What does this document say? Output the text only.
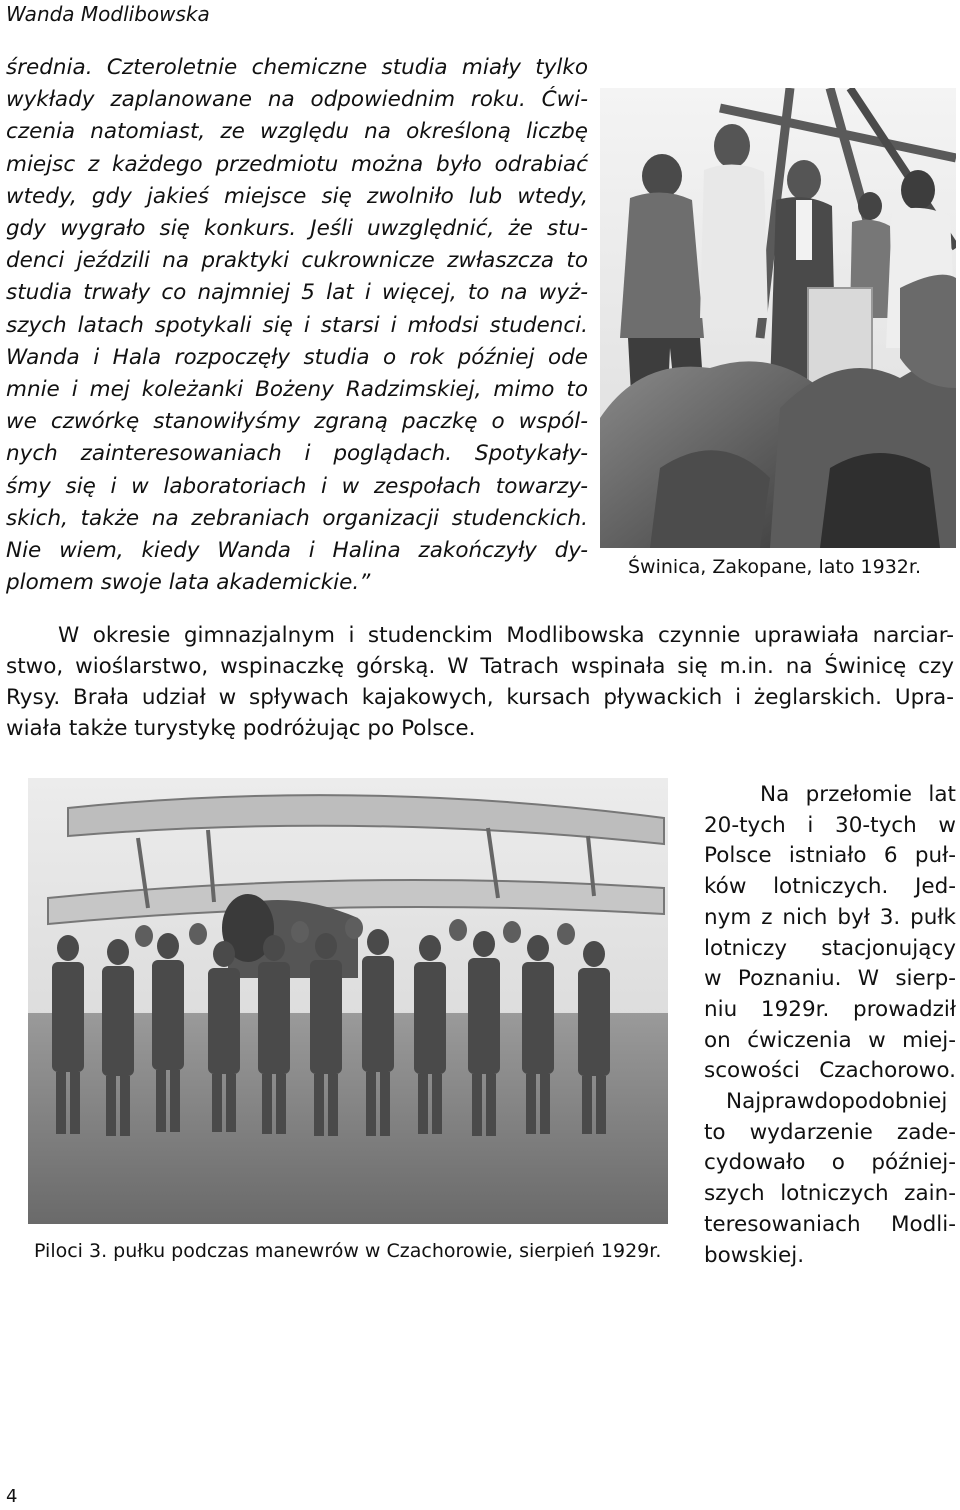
Wanda Modlibowska
średnia. Czteroletnie chemiczne studia miały tylko
wykłady zaplanowane na odpowiednim roku. Ćwi-
czenia natomiast, ze względu na określoną liczbę
miejsc z każdego przedmiotu można było odrabiać
wtedy, gdy jakieś miejsce się zwolniło lub wtedy,
gdy wygrało się konkurs. Jeśli uwzględnić, że stu-
denci jeździli na praktyki cukrownicze zwłaszcza to
studia trwały co najmniej 5 lat i więcej, to na wyż-
szych latach spotykali się i starsi i młodsi studenci.
Wanda i Hala rozpoczęły studia o rok później ode
mnie i mej koleżanki Bożeny Radzimskiej, mimo to
we czwórkę stanowiłyśmy zgraną paczkę o wspól-
nych zainteresowaniach i poglądach. Spotykały-
śmy się i w laboratoriach i w zespołach towarzy-
skich, także na zebraniach organizacji studenckich.
Nie wiem, kiedy Wanda i Halina zakończyły dy-
plomem swoje lata akademickie.”
Świnica, Zakopane, lato 1932r.
W okresie gimnazjalnym i studenckim Modlibowska czynnie uprawiała narciar-
stwo, wioślarstwo, wspinaczkę górską. W Tatrach wspinała się m.in. na Świnicę czy
Rysy. Brała udział w spływach kajakowych, kursach pływackich i żeglarskich. Upra-
wiała także turystykę podróżując po Polsce.
Piloci 3. pułku podczas manewrów w Czachorowie, sierpień 1929r.
Na przełomie lat
20-tych i 30-tych w
Polsce istniało 6 puł-
ków lotniczych. Jed-
nym z nich był 3. pułk
lotniczy stacjonujący
w Poznaniu. W sierp-
niu 1929r. prowadził
on ćwiczenia w miej-
scowości Czachorowo.
Najprawdopodobniej
to wydarzenie zade-
cydowało o później-
szych lotniczych zain-
teresowaniach Modli-
bowskiej.
4
